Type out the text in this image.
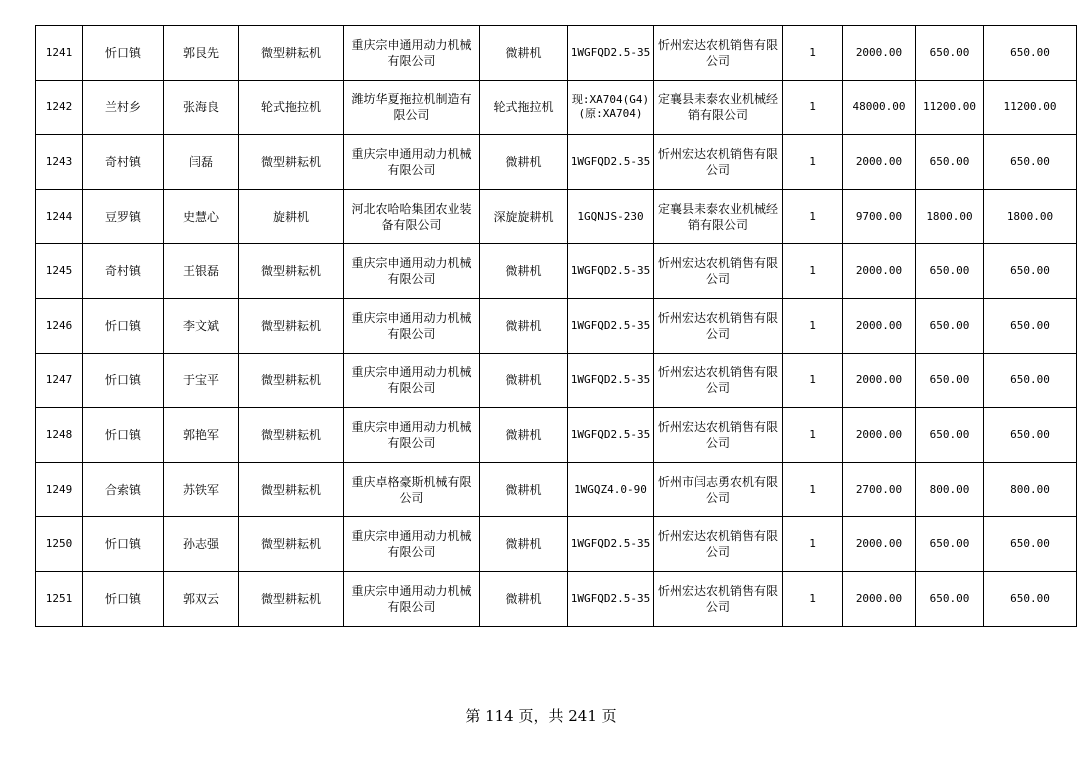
1241	忻口镇	郭艮先	微型耕耘机	重庆宗申通用动力机械有限公司	微耕机	1WGFQD2.5-35	忻州宏达农机销售有限公司	1	2000.00	650.00	650.00
1242	兰村乡	张海良	轮式拖拉机	潍坊华夏拖拉机制造有限公司	轮式拖拉机	现:XA704(G4)(原:XA704)	定襄县耒泰农业机械经销有限公司	1	48000.00	11200.00	11200.00
1243	奇村镇	闫磊	微型耕耘机	重庆宗申通用动力机械有限公司	微耕机	1WGFQD2.5-35	忻州宏达农机销售有限公司	1	2000.00	650.00	650.00
1244	豆罗镇	史慧心	旋耕机	河北农哈哈集团农业装备有限公司	深旋旋耕机	1GQNJS-230	定襄县耒泰农业机械经销有限公司	1	9700.00	1800.00	1800.00
1245	奇村镇	王银磊	微型耕耘机	重庆宗申通用动力机械有限公司	微耕机	1WGFQD2.5-35	忻州宏达农机销售有限公司	1	2000.00	650.00	650.00
1246	忻口镇	李文斌	微型耕耘机	重庆宗申通用动力机械有限公司	微耕机	1WGFQD2.5-35	忻州宏达农机销售有限公司	1	2000.00	650.00	650.00
1247	忻口镇	于宝平	微型耕耘机	重庆宗申通用动力机械有限公司	微耕机	1WGFQD2.5-35	忻州宏达农机销售有限公司	1	2000.00	650.00	650.00
1248	忻口镇	郭艳军	微型耕耘机	重庆宗申通用动力机械有限公司	微耕机	1WGFQD2.5-35	忻州宏达农机销售有限公司	1	2000.00	650.00	650.00
1249	合索镇	苏铁军	微型耕耘机	重庆卓格豪斯机械有限公司	微耕机	1WGQZ4.0-90	忻州市闫志勇农机有限公司	1	2700.00	800.00	800.00
1250	忻口镇	孙志强	微型耕耘机	重庆宗申通用动力机械有限公司	微耕机	1WGFQD2.5-35	忻州宏达农机销售有限公司	1	2000.00	650.00	650.00
1251	忻口镇	郭双云	微型耕耘机	重庆宗申通用动力机械有限公司	微耕机	1WGFQD2.5-35	忻州宏达农机销售有限公司	1	2000.00	650.00	650.00
第 114 页，共 241 页
